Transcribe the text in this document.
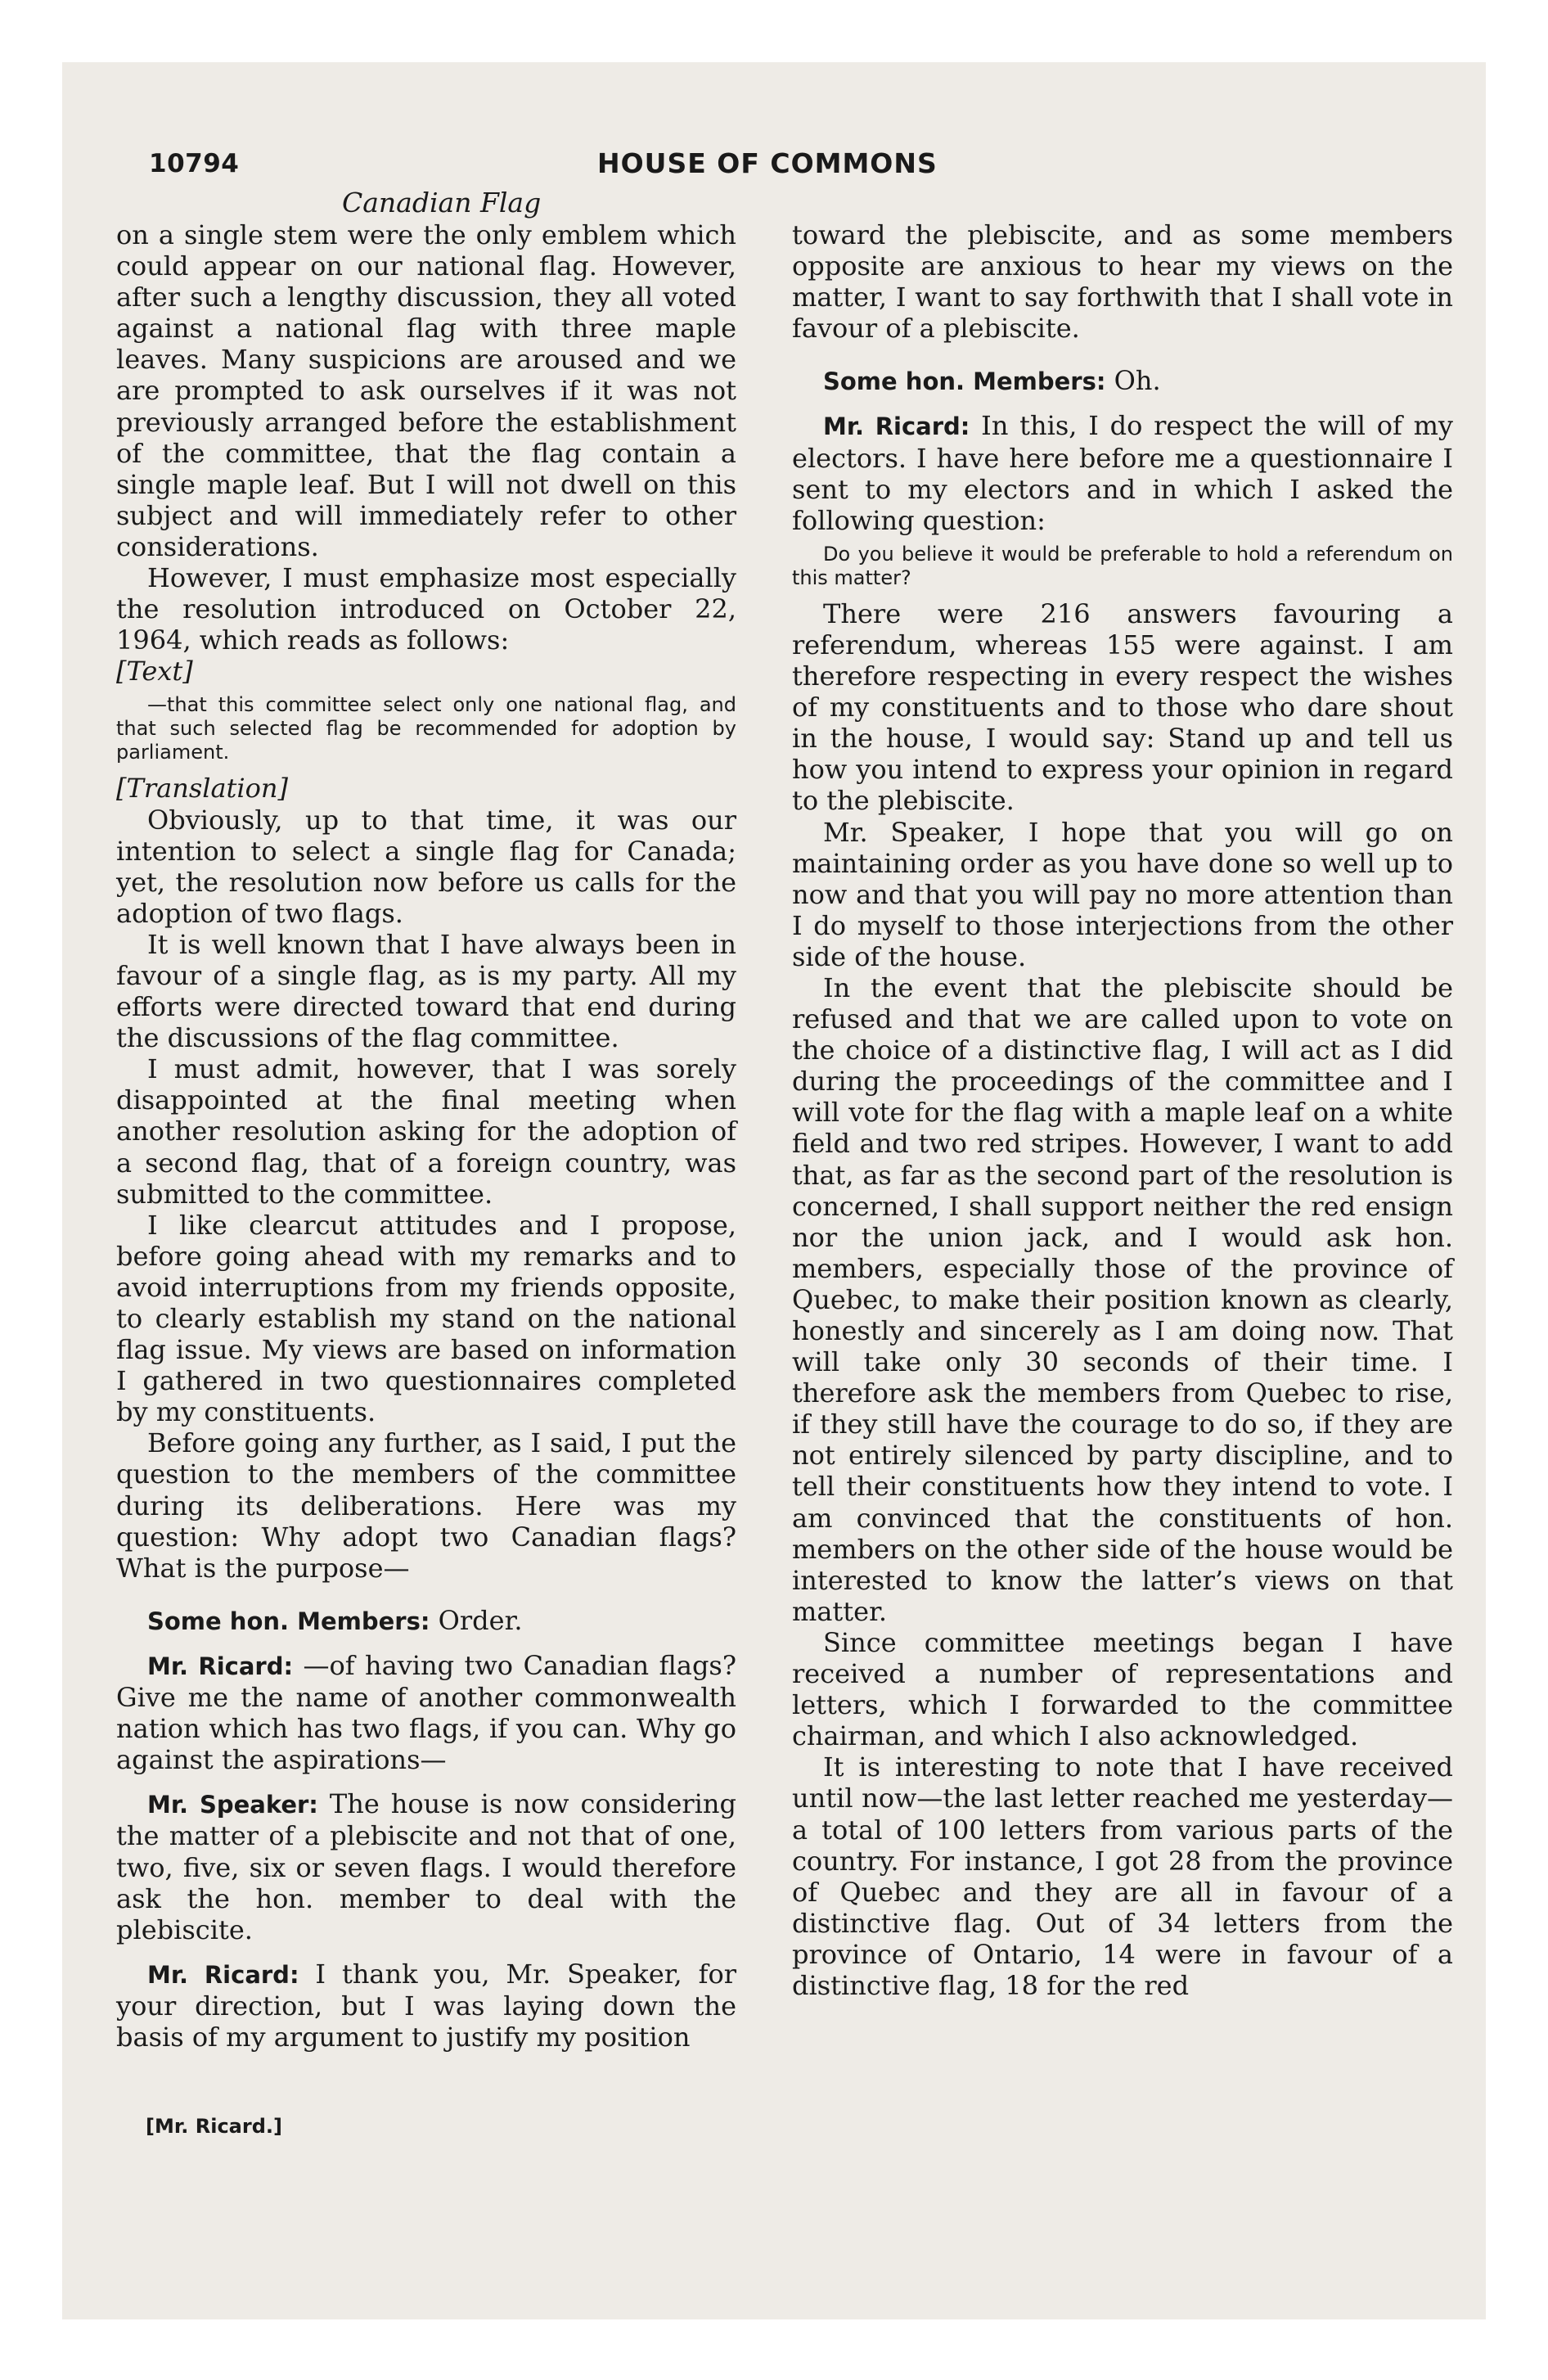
10794	HOUSE OF COMMONS
Canadian Flag

on a single stem were the only emblem which could appear on our national flag. However, after such a lengthy discussion, they all voted against a national flag with three maple leaves. Many suspicions are aroused and we are prompted to ask ourselves if it was not previously arranged before the establishment of the committee, that the flag contain a single maple leaf. But I will not dwell on this subject and will immediately refer to other considerations.

However, I must emphasize most especially the resolution introduced on October 22, 1964, which reads as follows:

[Text]

—that this committee select only one national flag, and that such selected flag be recommended for adoption by parliament.

[Translation]

Obviously, up to that time, it was our intention to select a single flag for Canada; yet, the resolution now before us calls for the adoption of two flags.

It is well known that I have always been in favour of a single flag, as is my party. All my efforts were directed toward that end during the discussions of the flag committee.

I must admit, however, that I was sorely disappointed at the final meeting when another resolution asking for the adoption of a second flag, that of a foreign country, was submitted to the committee.

I like clearcut attitudes and I propose, before going ahead with my remarks and to avoid interruptions from my friends opposite, to clearly establish my stand on the national flag issue. My views are based on information I gathered in two questionnaires completed by my constituents.

Before going any further, as I said, I put the question to the members of the committee during its deliberations. Here was my question: Why adopt two Canadian flags? What is the purpose—

Some hon. Members: Order.

Mr. Ricard: —of having two Canadian flags? Give me the name of another commonwealth nation which has two flags, if you can. Why go against the aspirations—

Mr. Speaker: The house is now considering the matter of a plebiscite and not that of one, two, five, six or seven flags. I would therefore ask the hon. member to deal with the plebiscite.

Mr. Ricard: I thank you, Mr. Speaker, for your direction, but I was laying down the basis of my argument to justify my position

toward the plebiscite, and as some members opposite are anxious to hear my views on the matter, I want to say forthwith that I shall vote in favour of a plebiscite.

Some hon. Members: Oh.

Mr. Ricard: In this, I do respect the will of my electors. I have here before me a questionnaire I sent to my electors and in which I asked the following question:

Do you believe it would be preferable to hold a referendum on this matter?

There were 216 answers favouring a referendum, whereas 155 were against. I am therefore respecting in every respect the wishes of my constituents and to those who dare shout in the house, I would say: Stand up and tell us how you intend to express your opinion in regard to the plebiscite.

Mr. Speaker, I hope that you will go on maintaining order as you have done so well up to now and that you will pay no more attention than I do myself to those interjections from the other side of the house.

In the event that the plebiscite should be refused and that we are called upon to vote on the choice of a distinctive flag, I will act as I did during the proceedings of the committee and I will vote for the flag with a maple leaf on a white field and two red stripes. However, I want to add that, as far as the second part of the resolution is concerned, I shall support neither the red ensign nor the union jack, and I would ask hon. members, especially those of the province of Quebec, to make their position known as clearly, honestly and sincerely as I am doing now. That will take only 30 seconds of their time. I therefore ask the members from Quebec to rise, if they still have the courage to do so, if they are not entirely silenced by party discipline, and to tell their constituents how they intend to vote. I am convinced that the constituents of hon. members on the other side of the house would be interested to know the latter’s views on that matter.

Since committee meetings began I have received a number of representations and letters, which I forwarded to the committee chairman, and which I also acknowledged.

It is interesting to note that I have received until now—the last letter reached me yesterday—a total of 100 letters from various parts of the country. For instance, I got 28 from the province of Quebec and they are all in favour of a distinctive flag. Out of 34 letters from the province of Ontario, 14 were in favour of a distinctive flag, 18 for the red

[Mr. Ricard.]
